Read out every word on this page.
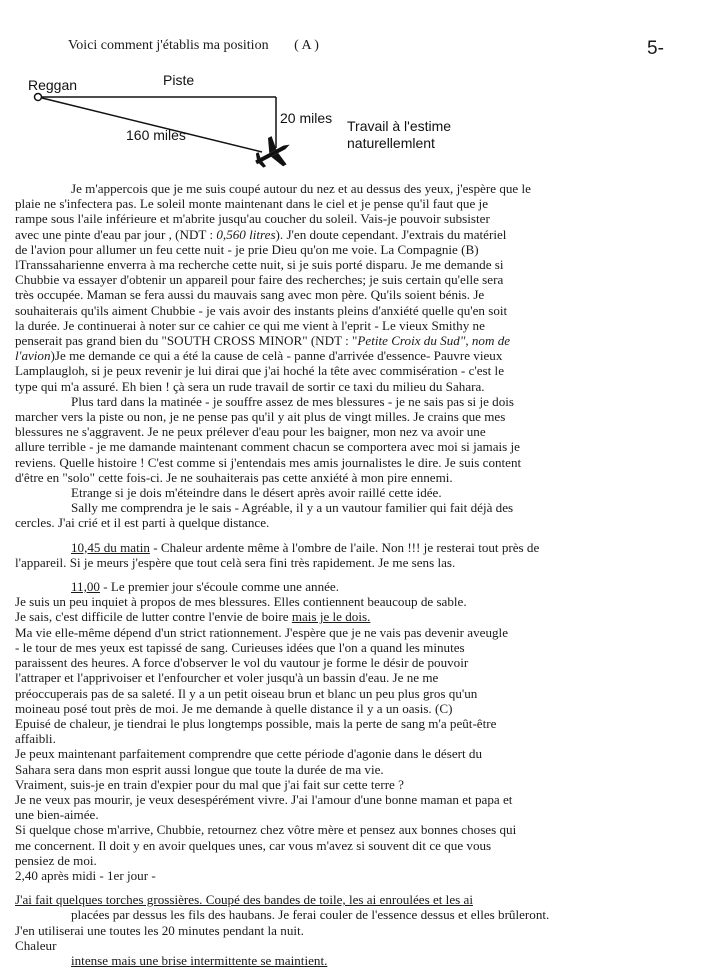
Voici comment j'établis ma position ( A )	5-
Reggan	Piste
20 miles
160 miles
Travail à l'estime
naturellemlent

Je m'appercois que je me suis coupé autour du nez et au dessus des yeux, j'espère que le

plaie ne s'infectera pas. Le soleil monte maintenant dans le ciel et je pense qu'il faut que je

rampe sous l'aile inférieure et m'abrite jusqu'au coucher du soleil. Vais-je pouvoir subsister

avec une pinte d'eau par jour , (NDT : 0,560 litres). J'en doute cependant. J'extrais du matériel

de l'avion pour allumer un feu cette nuit - je prie Dieu qu'on me voie. La Compagnie (B)

lTranssaharienne enverra à ma recherche cette nuit, si je suis porté disparu. Je me demande si

Chubbie va essayer d'obtenir un appareil pour faire des recherches; je suis certain qu'elle sera

très occupée. Maman se fera aussi du mauvais sang avec mon père. Qu'ils soient bénis. Je

souhaiterais qu'ils aiment Chubbie - je vais avoir des instants pleins d'anxiété quelle qu'en soit

la durée. Je continuerai à noter sur ce cahier ce qui me vient à l'eprit - Le vieux Smithy ne

penserait pas grand bien du "SOUTH CROSS MINOR" (NDT : "Petite Croix du Sud", nom de

l'avion)Je me demande ce qui a été la cause de celà - panne d'arrivée d'essence- Pauvre vieux

Lamplaugloh, si je peux revenir je lui dirai que j'ai hoché la tête avec commisération - c'est le

type qui m'a assuré. Eh bien ! çà sera un rude travail de sortir ce taxi du milieu du Sahara.

Plus tard dans la matinée - je souffre assez de mes blessures - je ne sais pas si je dois

marcher vers la piste ou non, je ne pense pas qu'il y ait plus de vingt milles. Je crains que mes

blessures ne s'aggravent. Je ne peux prélever d'eau pour les baigner, mon nez va avoir une

allure terrible - je me damande maintenant comment chacun se comportera avec moi si jamais je

reviens. Quelle histoire ! C'est comme si j'entendais mes amis journalistes le dire. Je suis content

d'être en "solo" cette fois-ci. Je ne souhaiterais pas cette anxiété à mon pire ennemi.

Etrange si je dois m'éteindre dans le désert après avoir raillé cette idée.

Sally me comprendra je le sais - Agréable, il y a un vautour familier qui fait déjà des

cercles. J'ai crié et il est parti à quelque distance.

10,45 du matin - Chaleur ardente même à l'ombre de l'aile. Non !!! je resterai tout près de

l'appareil. Si je meurs j'espère que tout celà sera fini très rapidement. Je me sens las.

11,00 - Le premier jour s'écoule comme une année.

Je suis un peu inquiet à propos de mes blessures. Elles contiennent beaucoup de sable.

Je sais, c'est difficile de lutter contre l'envie de boire mais je le dois.

Ma vie elle-même dépend d'un strict rationnement. J'espère que je ne vais pas devenir aveugle

- le tour de mes yeux est tapissé de sang. Curieuses idées que l'on a quand les minutes

paraissent des heures. A force d'observer le vol du vautour je forme le désir de pouvoir

l'attraper et l'apprivoiser et l'enfourcher et voler jusqu'à un bassin d'eau. Je ne me

préoccuperais pas de sa saleté. Il y a un petit oiseau brun et blanc un peu plus gros qu'un

moineau posé tout près de moi. Je me demande à quelle distance il y a un oasis. (C)

Epuisé de chaleur, je tiendrai le plus longtemps possible, mais la perte de sang m'a peût-être

affaibli.

Je peux maintenant parfaitement comprendre que cette période d'agonie dans le désert du

Sahara sera dans mon esprit aussi longue que toute la durée de ma vie.

Vraiment, suis-je en train d'expier pour du mal que j'ai fait sur cette terre ?

Je ne veux pas mourir, je veux desespérément vivre. J'ai l'amour d'une bonne maman et papa et

une bien-aimée.

Si quelque chose m'arrive, Chubbie, retournez chez vôtre mère et pensez aux bonnes choses qui

me concernent. Il doit y en avoir quelques unes, car vous m'avez si souvent dit ce que vous

pensiez de moi.

2,40 après midi - 1er jour -

J'ai fait quelques torches grossières. Coupé des bandes de toile, les ai enroulées et les ai

placées par dessus les fils des haubans. Je ferai couler de l'essence dessus et elles brûleront.

J'en utiliserai une toutes les 20 minutes pendant la nuit.

Chaleur

intense mais une brise intermittente se maintient.
